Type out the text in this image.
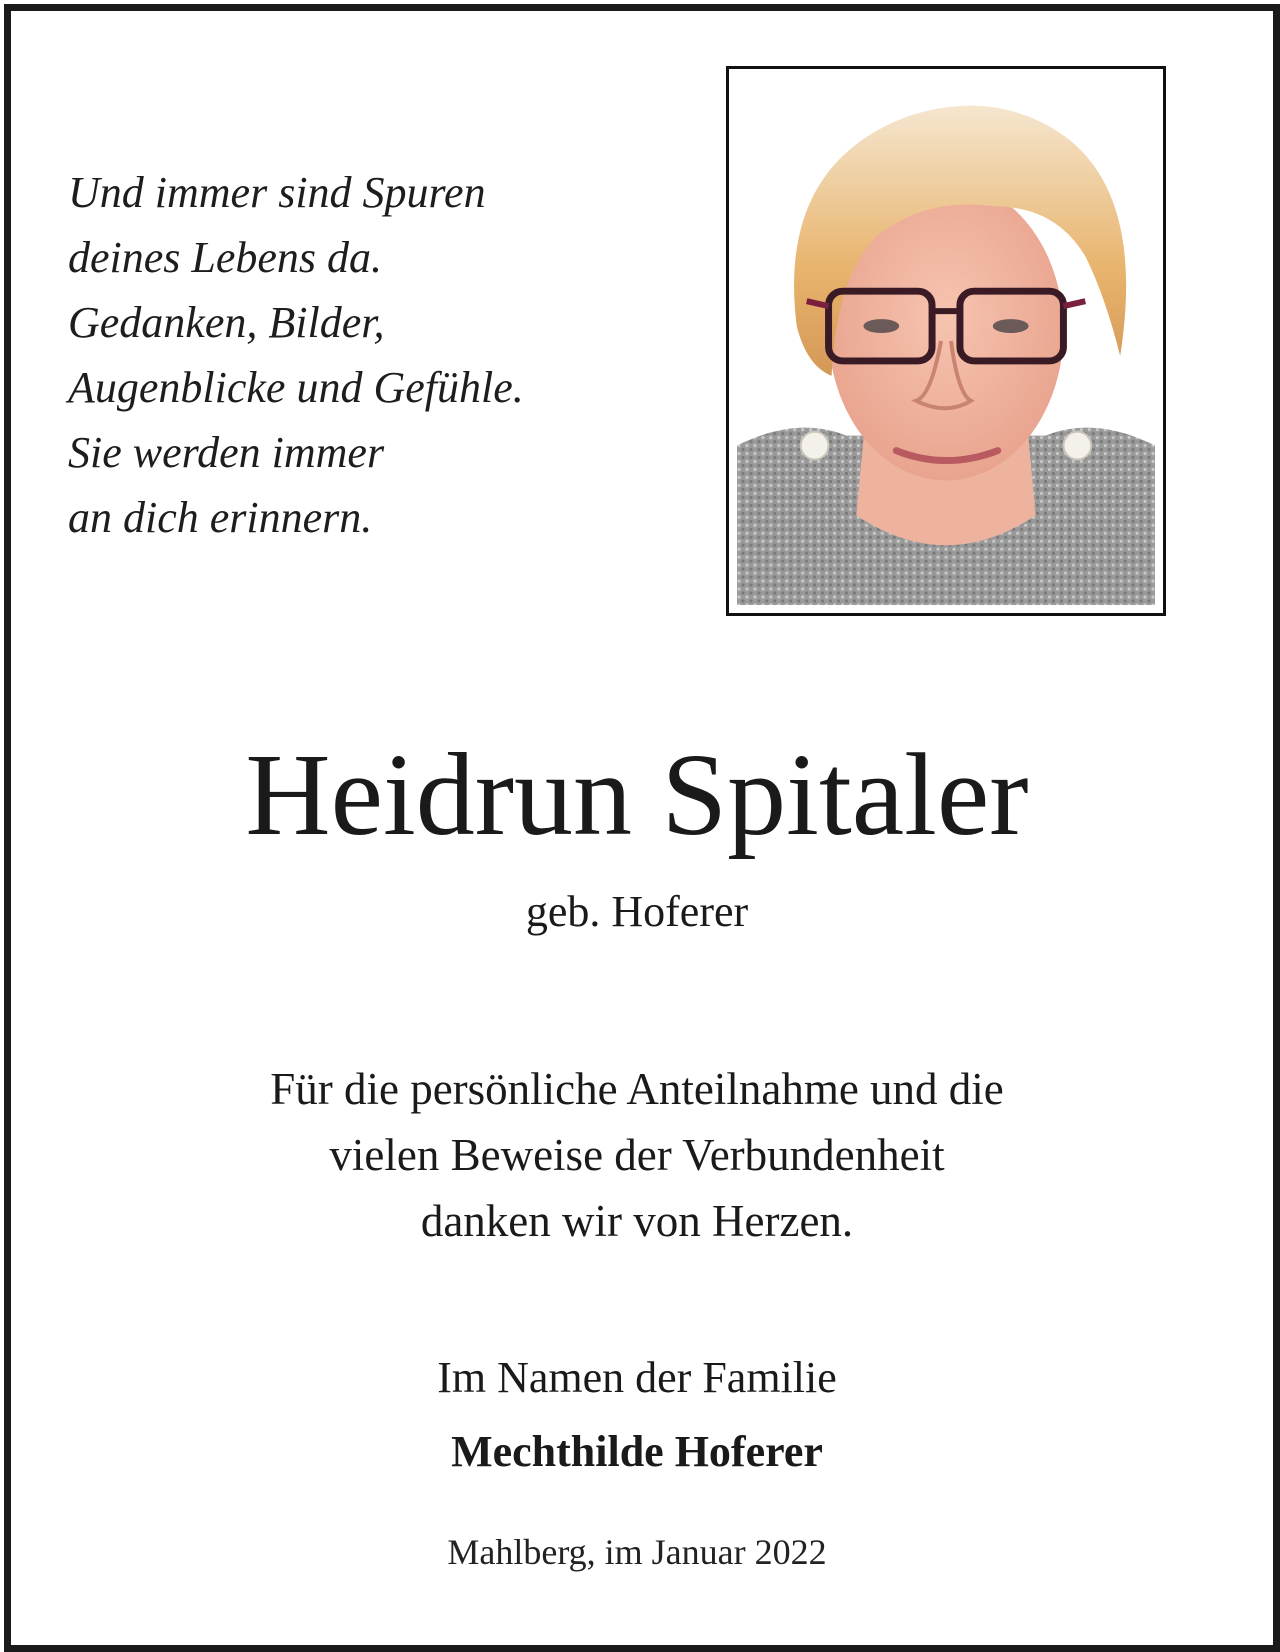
Und immer sind Spuren
deines Lebens da.
Gedanken, Bilder,
Augenblicke und Gefühle.
Sie werden immer
an dich erinnern.
Heidrun Spitaler
geb. Hoferer
Für die persönliche Anteilnahme und die
vielen Beweise der Verbundenheit
danken wir von Herzen.
Im Namen der Familie
Mechthilde Hoferer
Mahlberg, im Januar 2022
